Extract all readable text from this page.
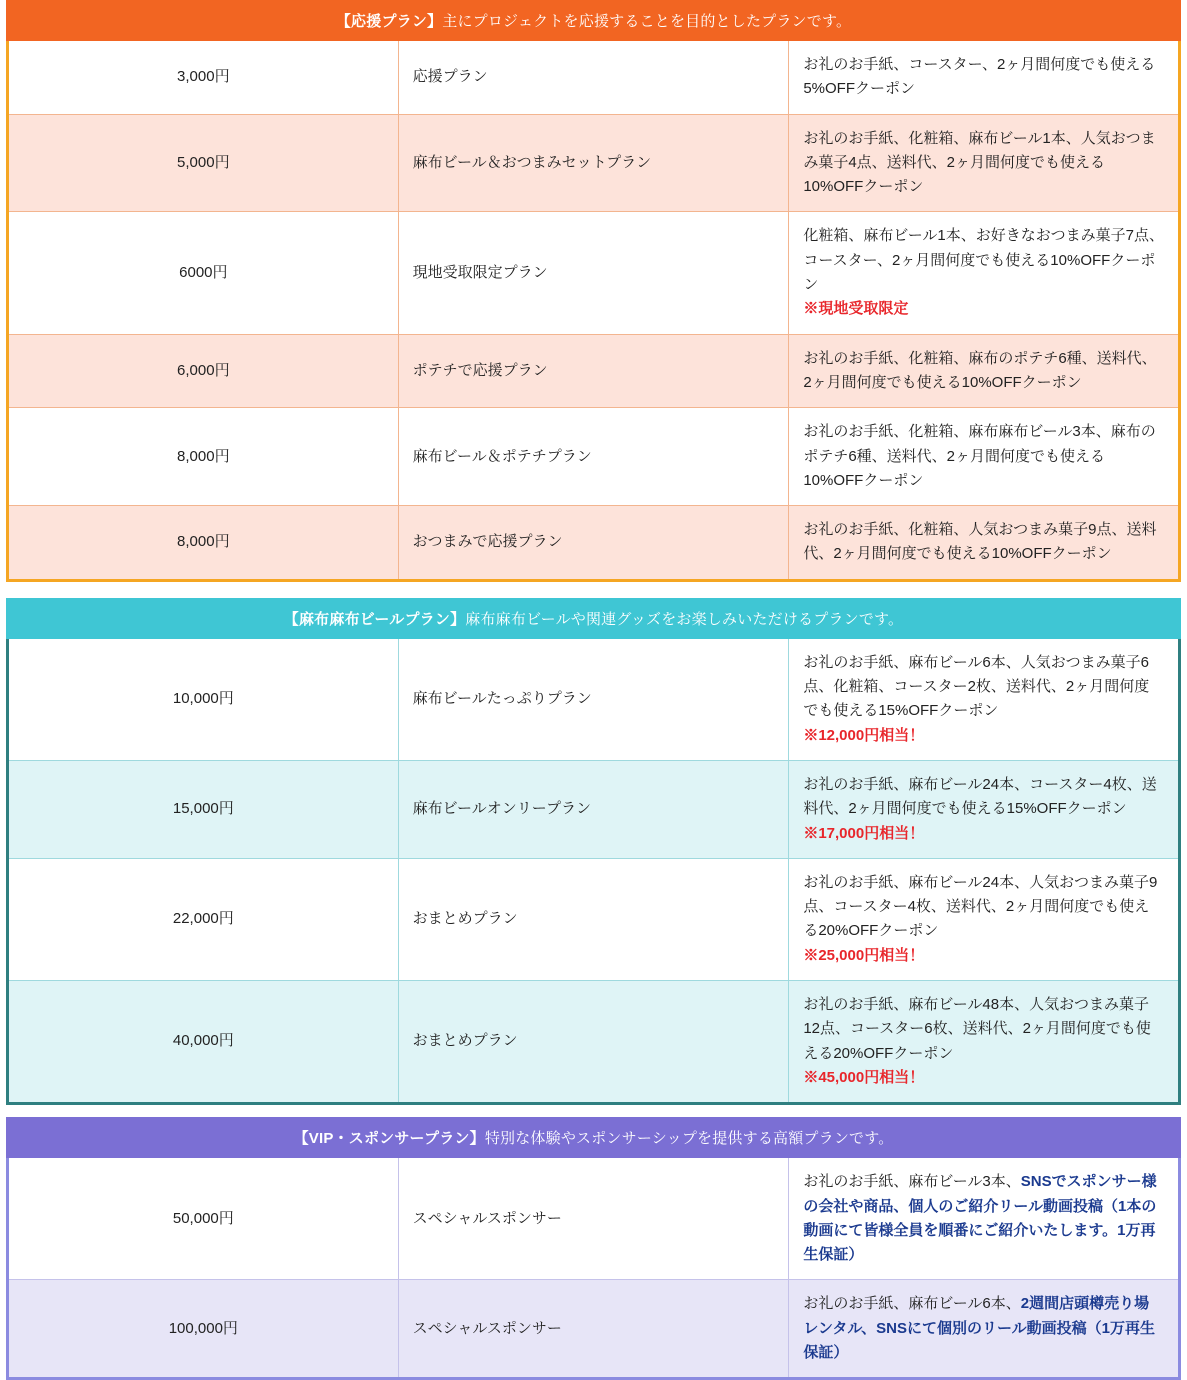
【応援プラン】主にプロジェクトを応援することを目的としたプランです。		
3,000円	応援プラン	お礼のお手紙、コースター、2ヶ月間何度でも使える5%OFFクーポン
5,000円	麻布ビール＆おつまみセットプラン	お礼のお手紙、化粧箱、麻布ビール1本、人気おつまみ菓子4点、送料代、2ヶ月間何度でも使える10%OFFクーポン
6000円	現地受取限定プラン	化粧箱、麻布ビール1本、お好きなおつまみ菓子7点、コースター、2ヶ月間何度でも使える10%OFFクーポン
※現地受取限定

6,000円	ポテチで応援プラン	お礼のお手紙、化粧箱、麻布のポテチ6種、送料代、2ヶ月間何度でも使える10%OFFクーポン
8,000円	麻布ビール＆ポテチプラン	お礼のお手紙、化粧箱、麻布麻布ビール3本、麻布のポテチ6種、送料代、2ヶ月間何度でも使える10%OFFクーポン
8,000円	おつまみで応援プラン	お礼のお手紙、化粧箱、人気おつまみ菓子9点、送料代、2ヶ月間何度でも使える10%OFFクーポン
【麻布麻布ビールプラン】麻布麻布ビールや関連グッズをお楽しみいただけるプランです。		
10,000円	麻布ビールたっぷりプラン	お礼のお手紙、麻布ビール6本、人気おつまみ菓子6点、化粧箱、コースター2枚、送料代、2ヶ月間何度でも使える15%OFFクーポン
※12,000円相当！

15,000円	麻布ビールオンリープラン	お礼のお手紙、麻布ビール24本、コースター4枚、送料代、2ヶ月間何度でも使える15%OFFクーポン
※17,000円相当！

22,000円	おまとめプラン	お礼のお手紙、麻布ビール24本、人気おつまみ菓子9点、コースター4枚、送料代、2ヶ月間何度でも使える20%OFFクーポン
※25,000円相当！

40,000円	おまとめプラン	お礼のお手紙、麻布ビール48本、人気おつまみ菓子12点、コースター6枚、送料代、2ヶ月間何度でも使える20%OFFクーポン
※45,000円相当！
【VIP・スポンサープラン】特別な体験やスポンサーシップを提供する高額プランです。		
50,000円	スペシャルスポンサー	お礼のお手紙、麻布ビール3本、SNSでスポンサー様の会社や商品、個人のご紹介リール動画投稿（1本の動画にて皆様全員を順番にご紹介いたします。1万再生保証）
100,000円	スペシャルスポンサー	お礼のお手紙、麻布ビール6本、2週間店頭樽売り場レンタル、SNSにて個別のリール動画投稿（1万再生保証）
